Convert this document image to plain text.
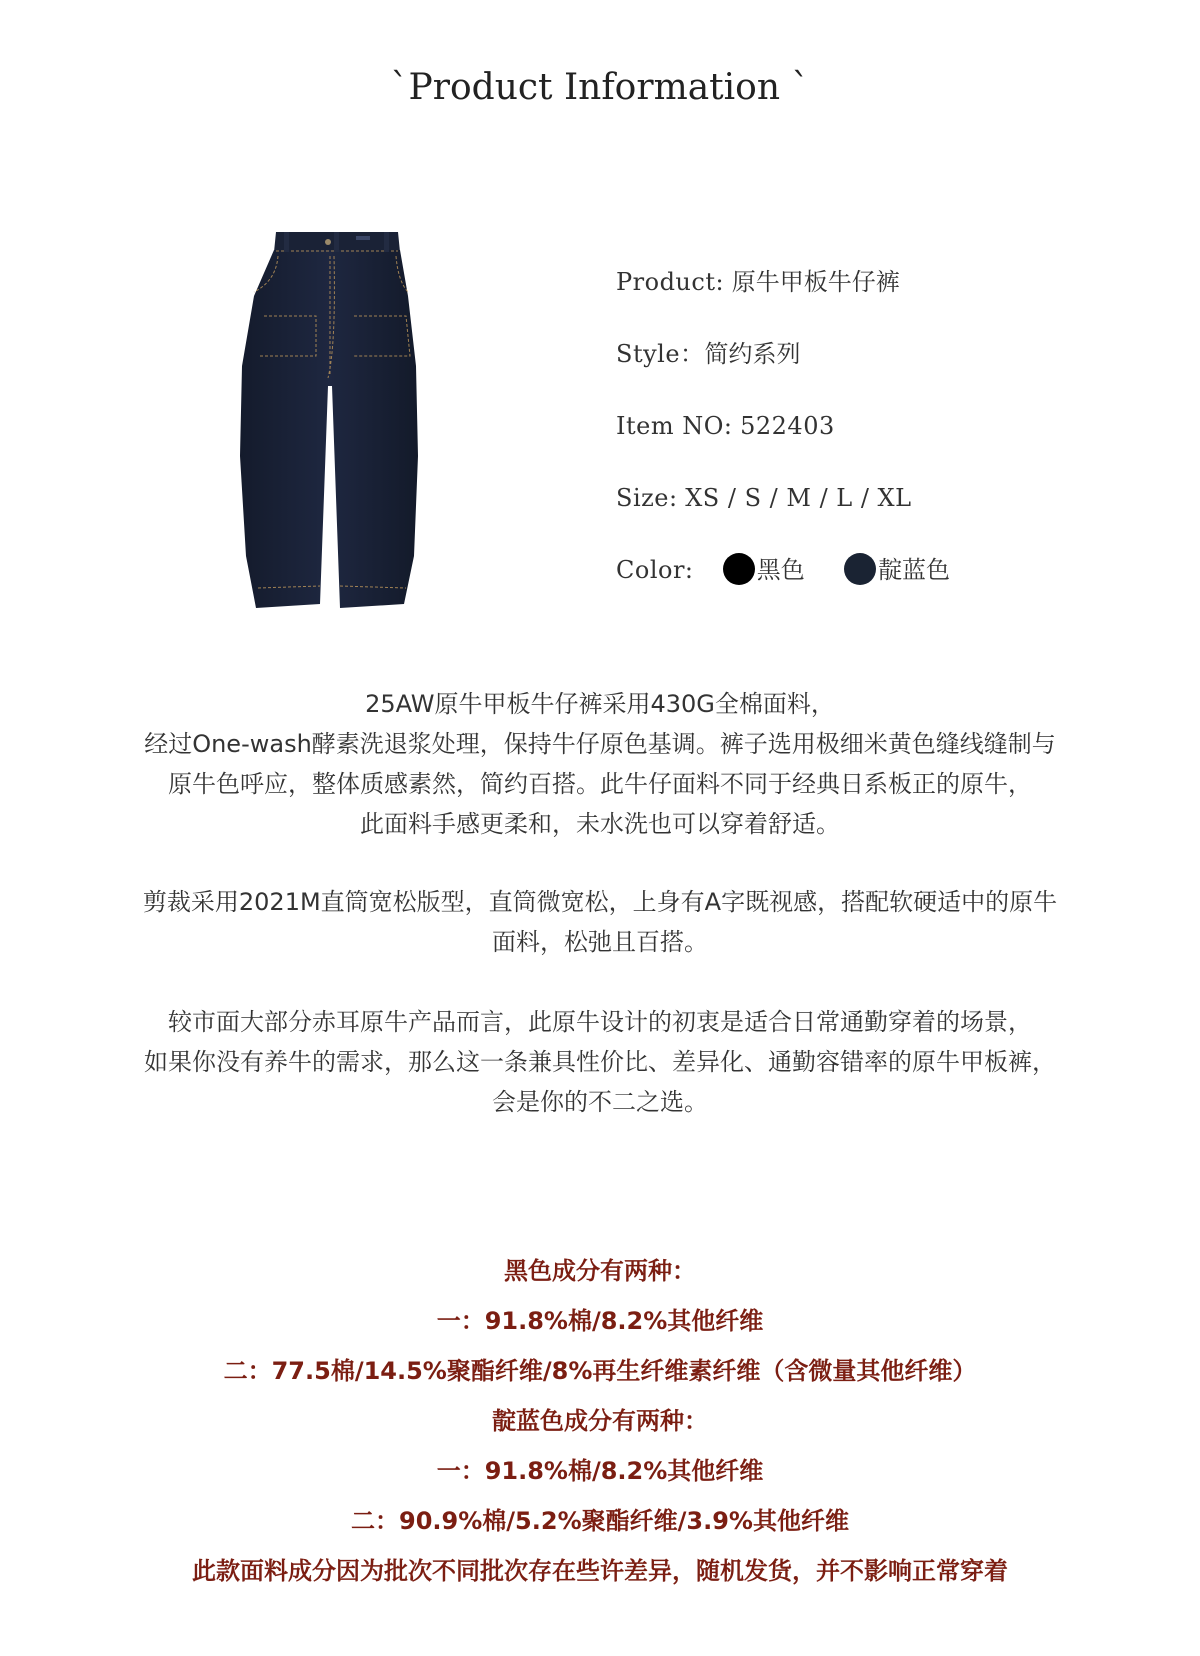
`Product Information `
Product: 原牛甲板牛仔裤
Style：简约系列
Item NO: 522403
Size: XS / S / M / L / XL
Color:	黑色	靛蓝色
25AW原牛甲板牛仔裤采用430G全棉面料，
经过One-wash酵素洗退浆处理，保持牛仔原色基调。裤子选用极细米黄色缝线缝制与
原牛色呼应，整体质感素然，简约百搭。此牛仔面料不同于经典日系板正的原牛，
此面料手感更柔和，未水洗也可以穿着舒适。
剪裁采用2021M直筒宽松版型，直筒微宽松，上身有A字既视感，搭配软硬适中的原牛
面料，松弛且百搭。
较市面大部分赤耳原牛产品而言，此原牛设计的初衷是适合日常通勤穿着的场景，
如果你没有养牛的需求，那么这一条兼具性价比、差异化、通勤容错率的原牛甲板裤，
会是你的不二之选。
黑色成分有两种：
一：91.8%棉/8.2%其他纤维
二：77.5棉/14.5%聚酯纤维/8%再生纤维素纤维（含微量其他纤维）
靛蓝色成分有两种：
一：91.8%棉/8.2%其他纤维
二：90.9%棉/5.2%聚酯纤维/3.9%其他纤维
此款面料成分因为批次不同批次存在些许差异，随机发货，并不影响正常穿着
